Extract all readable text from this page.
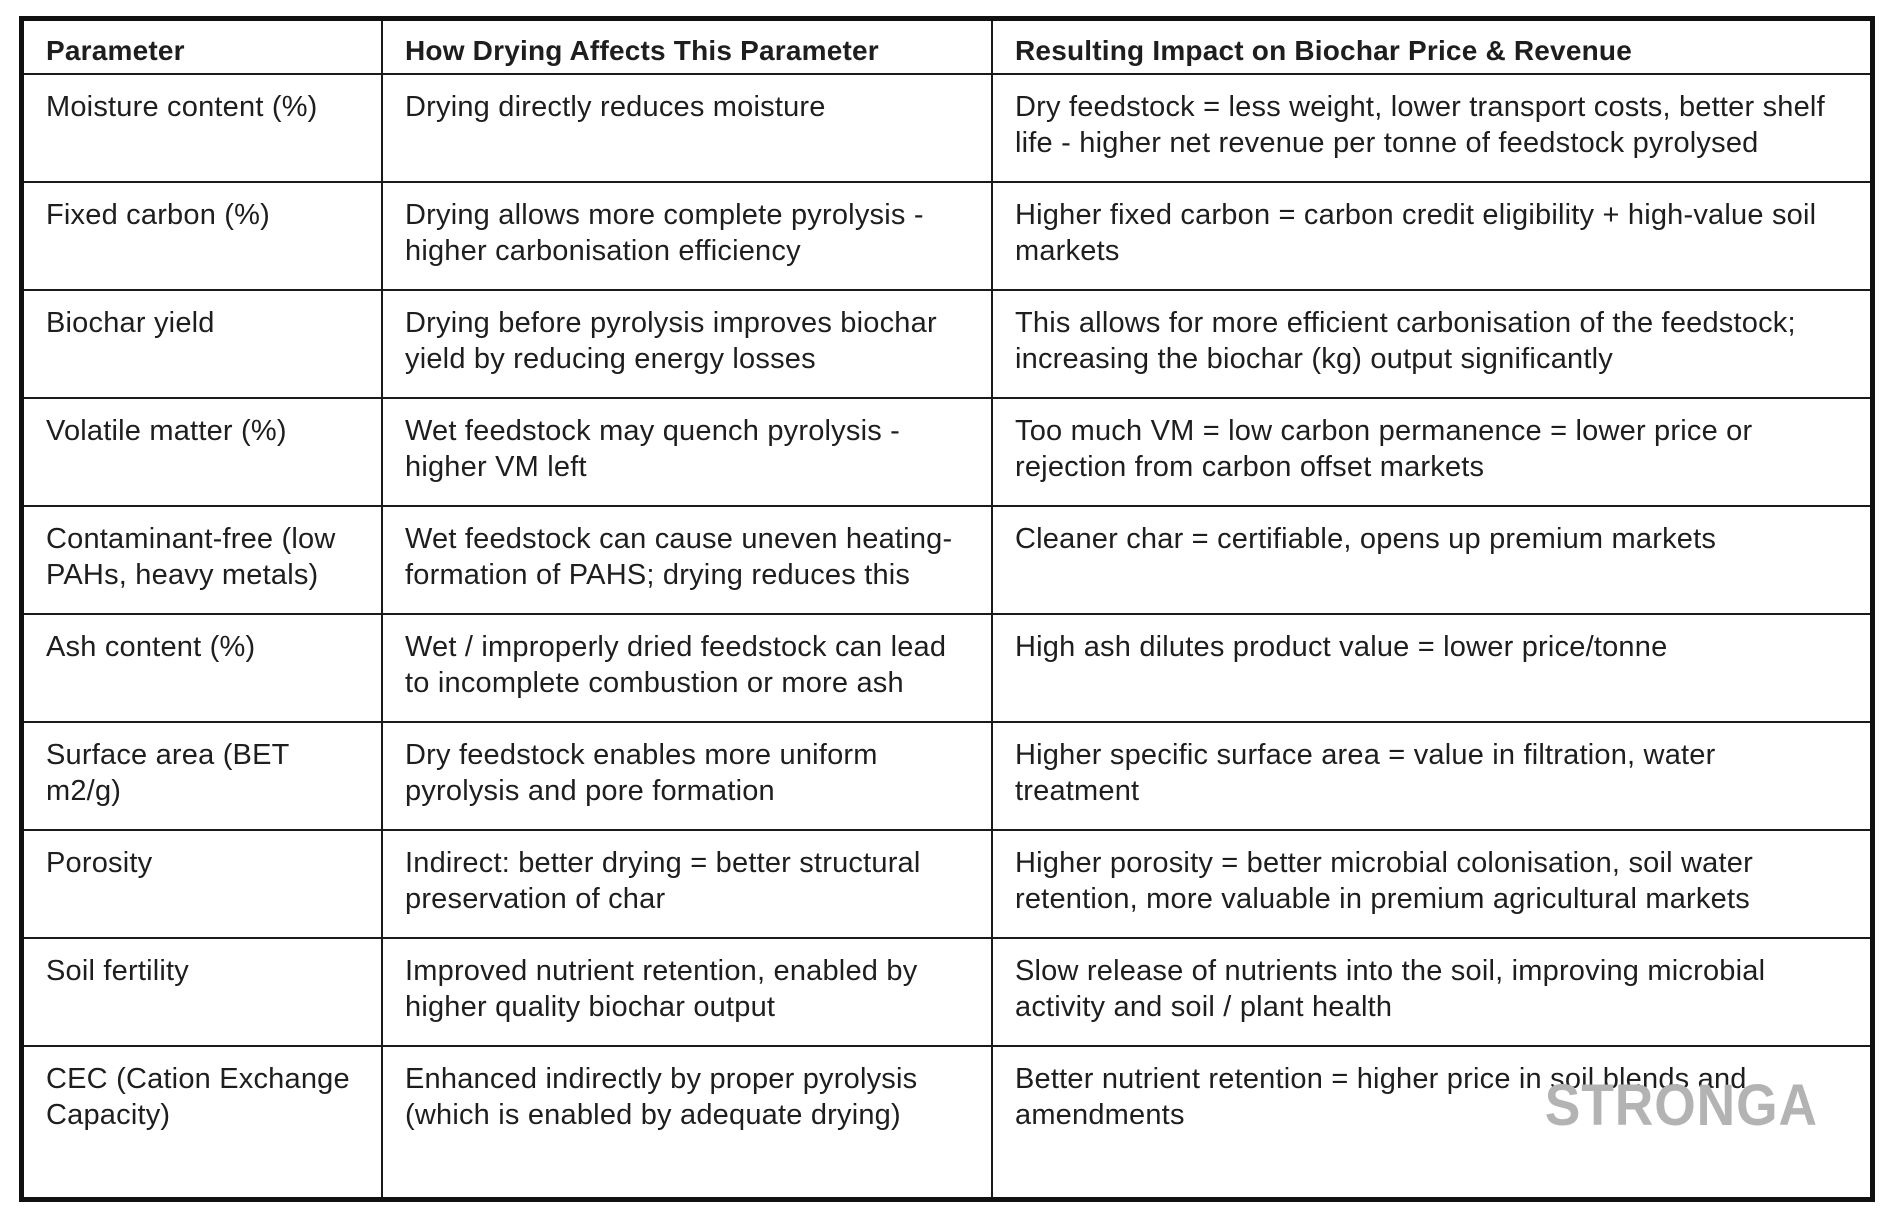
Parameter	How Drying Affects This Parameter	Resulting Impact on Biochar Price & Revenue
Moisture content (%)	Drying directly reduces moisture	Dry feedstock = less weight, lower transport costs, better shelf life - higher net revenue per tonne of feedstock pyrolysed
Fixed carbon (%)	Drying allows more complete pyrolysis - higher carbonisation efficiency	Higher fixed carbon = carbon credit eligibility + high-value soil markets
Biochar yield	Drying before pyrolysis improves biochar yield by reducing energy losses	This allows for more efficient carbonisation of the feedstock; increasing the biochar (kg) output significantly
Volatile matter (%)	Wet feedstock may quench pyrolysis - higher VM left	Too much VM = low carbon permanence = lower price or rejection from carbon offset markets
Contaminant-free (low PAHs, heavy metals)	Wet feedstock can cause uneven heating-formation of PAHS; drying reduces this	Cleaner char = certifiable, opens up premium markets
Ash content (%)	Wet / improperly dried feedstock can lead to incomplete combustion or more ash	High ash dilutes product value = lower price/tonne
Surface area (BET m2/g)	Dry feedstock enables more uniform pyrolysis and pore formation	Higher specific surface area = value in filtration, water treatment
Porosity	Indirect: better drying = better structural preservation of char	Higher porosity = better microbial colonisation, soil water retention, more valuable in premium agricultural markets
Soil fertility	Improved nutrient retention, enabled by higher quality biochar output	Slow release of nutrients into the soil, improving microbial activity and soil / plant health
CEC (Cation Exchange Capacity)	Enhanced indirectly by proper pyrolysis (which is enabled by adequate drying)	Better nutrient retention = higher price in soil blends and amendments	STRONGA
